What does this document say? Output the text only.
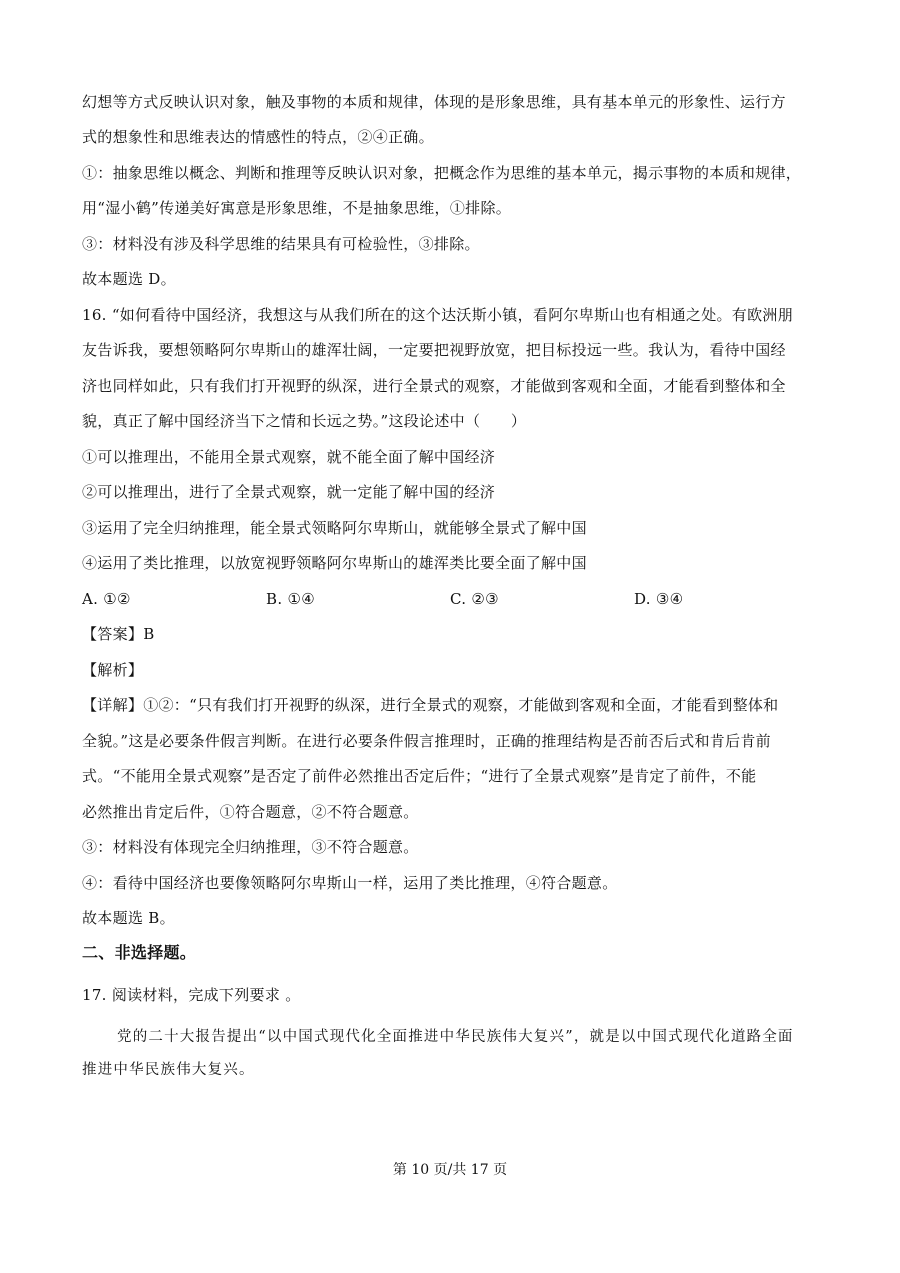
幻想等方式反映认识对象，触及事物的本质和规律，体现的是形象思维，具有基本单元的形象性、运行方
式的想象性和思维表达的情感性的特点，②④正确。
①：抽象思维以概念、判断和推理等反映认识对象，把概念作为思维的基本单元，揭示事物的本质和规律，
用“湿小鹤”传递美好寓意是形象思维，不是抽象思维，①排除。
③：材料没有涉及科学思维的结果具有可检验性，③排除。
故本题选 D。
16. “如何看待中国经济，我想这与从我们所在的这个达沃斯小镇，看阿尔卑斯山也有相通之处。有欧洲朋
友告诉我，要想领略阿尔卑斯山的雄浑壮阔，一定要把视野放宽，把目标投远一些。我认为，看待中国经
济也同样如此，只有我们打开视野的纵深，进行全景式的观察，才能做到客观和全面，才能看到整体和全
貌，真正了解中国经济当下之情和长远之势。”这段论述中（　　）
①可以推理出，不能用全景式观察，就不能全面了解中国经济
②可以推理出，进行了全景式观察，就一定能了解中国的经济
③运用了完全归纳推理，能全景式领略阿尔卑斯山，就能够全景式了解中国
④运用了类比推理，以放宽视野领略阿尔卑斯山的雄浑类比要全面了解中国
A. ①②	B. ①④	C. ②③	D. ③④
【答案】B
【解析】
【详解】①②：“只有我们打开视野的纵深，进行全景式的观察，才能做到客观和全面，才能看到整体和
全貌。”这是必要条件假言判断。在进行必要条件假言推理时，正确的推理结构是否前否后式和肯后肯前
式。“不能用全景式观察”是否定了前件必然推出否定后件；“进行了全景式观察”是肯定了前件，不能
必然推出肯定后件，①符合题意，②不符合题意。
③：材料没有体现完全归纳推理，③不符合题意。
④：看待中国经济也要像领略阿尔卑斯山一样，运用了类比推理，④符合题意。
故本题选 B。
二、非选择题。
17. 阅读材料，完成下列要求 。
党的二十大报告提出“以中国式现代化全面推进中华民族伟大复兴”，就是以中国式现代化道路全面
推进中华民族伟大复兴。
第 10 页/共 17 页
